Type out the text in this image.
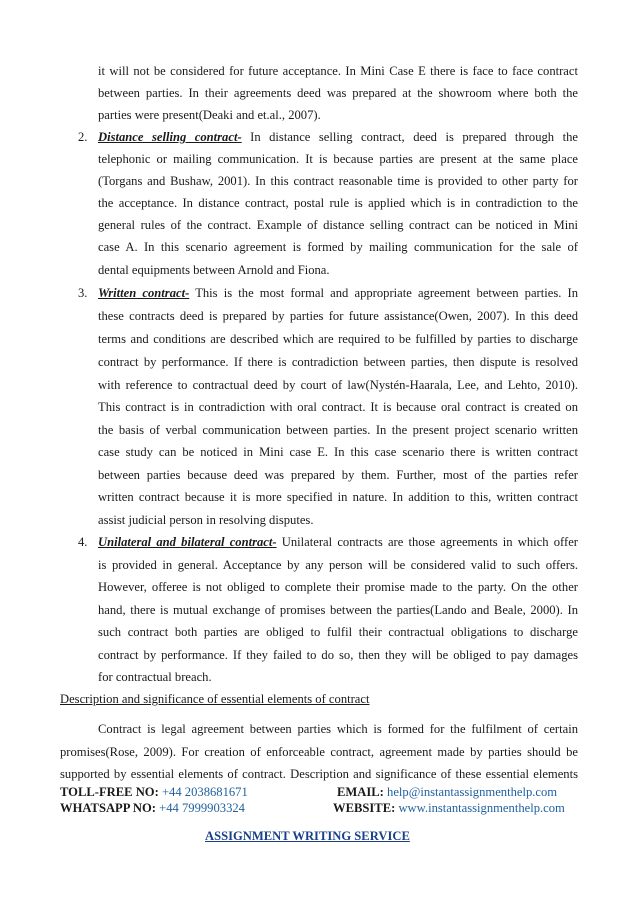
it will not be considered for future acceptance. In Mini Case E there is face to face contract
between parties. In their agreements deed was prepared at the showroom where both the
parties were present(Deaki and et.al., 2007).
2. Distance selling contract- In distance selling contract, deed is prepared through the
telephonic or mailing communication. It is because parties are present at the same place
(Torgans and Bushaw, 2001). In this contract reasonable time is provided to other party for
the acceptance. In distance contract, postal rule is applied which is in contradiction to the
general rules of the contract. Example of distance selling contract can be noticed in Mini
case A. In this scenario agreement is formed by mailing communication for the sale of
dental equipments between Arnold and Fiona.
3. Written contract- This is the most formal and appropriate agreement between parties. In
these contracts deed is prepared by parties for future assistance(Owen, 2007). In this deed
terms and conditions are described which are required to be fulfilled by parties to discharge
contract by performance. If there is contradiction between parties, then dispute is resolved
with reference to contractual deed by court of law(Nystén-Haarala, Lee, and Lehto, 2010).
This contract is in contradiction with oral contract. It is because oral contract is created on
the basis of verbal communication between parties. In the present project scenario written
case study can be noticed in Mini case E. In this case scenario there is written contract
between parties because deed was prepared by them. Further, most of the parties refer
written contract because it is more specified in nature. In addition to this, written contract
assist judicial person in resolving disputes.
4. Unilateral and bilateral contract- Unilateral contracts are those agreements in which offer
is provided in general. Acceptance by any person will be considered valid to such offers.
However, offeree is not obliged to complete their promise made to the party. On the other
hand, there is mutual exchange of promises between the parties(Lando and Beale, 2000). In
such contract both parties are obliged to fulfil their contractual obligations to discharge
contract by performance. If they failed to do so, then they will be obliged to pay damages
for contractual breach.
Description and significance of essential elements of contract
Contract is legal agreement between parties which is formed for the fulfilment of certain
promises(Rose, 2009). For creation of enforceable contract, agreement made by parties should be
supported by essential elements of contract. Description and significance of these essential elements
TOLL-FREE NO: +44 2038681671	EMAIL: help@instantassignmenthelp.com
WHATSAPP NO: +44 7999903324	WEBSITE: www.instantassignmenthelp.com
ASSIGNMENT WRITING SERVICE
